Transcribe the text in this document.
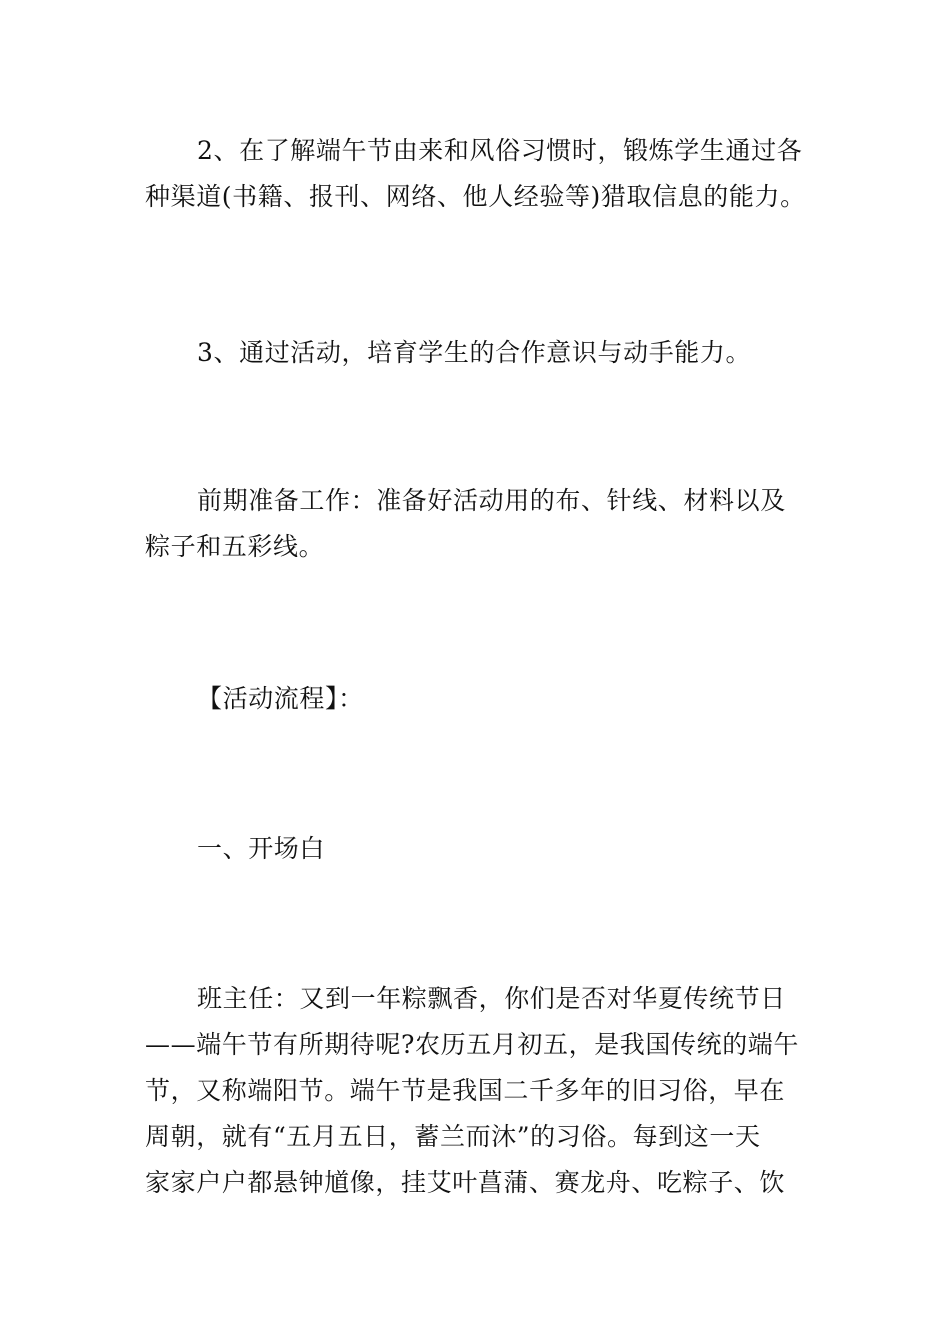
2、在了解端午节由来和风俗习惯时，锻炼学生通过各
种渠道(书籍、报刊、网络、他人经验等)猎取信息的能力。
3、通过活动，培育学生的合作意识与动手能力。
前期准备工作：准备好活动用的布、针线、材料以及
粽子和五彩线。
【活动流程】：
一、开场白
班主任：又到一年粽飘香，你们是否对华夏传统节日
——端午节有所期待呢?农历五月初五，是我国传统的端午
节，又称端阳节。端午节是我国二千多年的旧习俗，早在
周朝，就有“五月五日，蓄兰而沐”的习俗。每到这一天
家家户户都悬钟馗像，挂艾叶菖蒲、赛龙舟、吃粽子、饮
